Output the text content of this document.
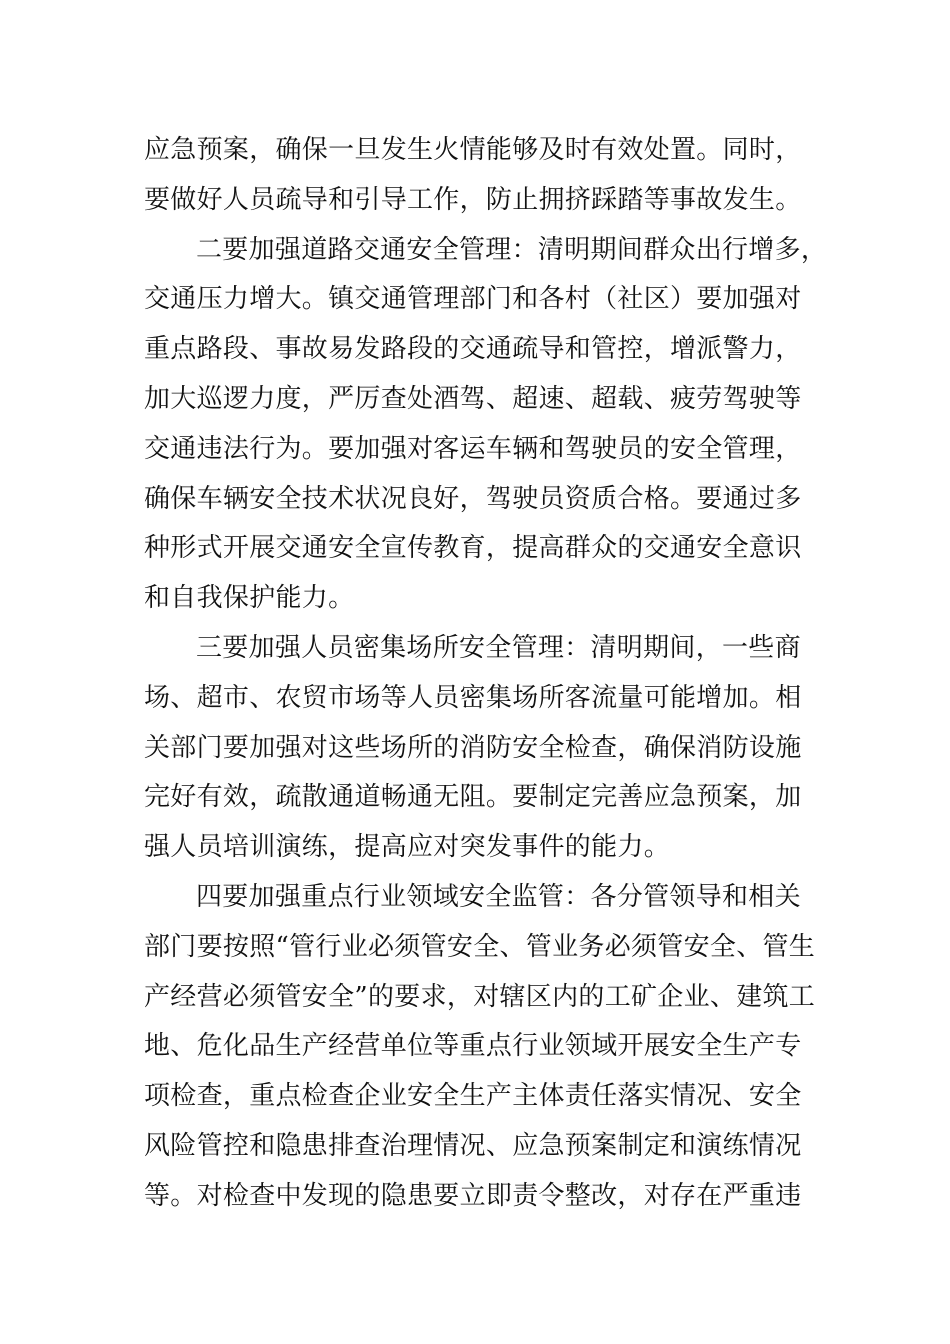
应急预案，确保一旦发生火情能够及时有效处置。同时，
要做好人员疏导和引导工作，防止拥挤踩踏等事故发生。
二要加强道路交通安全管理：清明期间群众出行增多，
交通压力增大。镇交通管理部门和各村（社区）要加强对
重点路段、事故易发路段的交通疏导和管控，增派警力，
加大巡逻力度，严厉查处酒驾、超速、超载、疲劳驾驶等
交通违法行为。要加强对客运车辆和驾驶员的安全管理，
确保车辆安全技术状况良好，驾驶员资质合格。要通过多
种形式开展交通安全宣传教育，提高群众的交通安全意识
和自我保护能力。
三要加强人员密集场所安全管理：清明期间，一些商
场、超市、农贸市场等人员密集场所客流量可能增加。相
关部门要加强对这些场所的消防安全检查，确保消防设施
完好有效，疏散通道畅通无阻。要制定完善应急预案，加
强人员培训演练，提高应对突发事件的能力。
四要加强重点行业领域安全监管：各分管领导和相关
部门要按照“管行业必须管安全、管业务必须管安全、管生
产经营必须管安全”的要求，对辖区内的工矿企业、建筑工
地、危化品生产经营单位等重点行业领域开展安全生产专
项检查，重点检查企业安全生产主体责任落实情况、安全
风险管控和隐患排查治理情况、应急预案制定和演练情况
等。对检查中发现的隐患要立即责令整改，对存在严重违
